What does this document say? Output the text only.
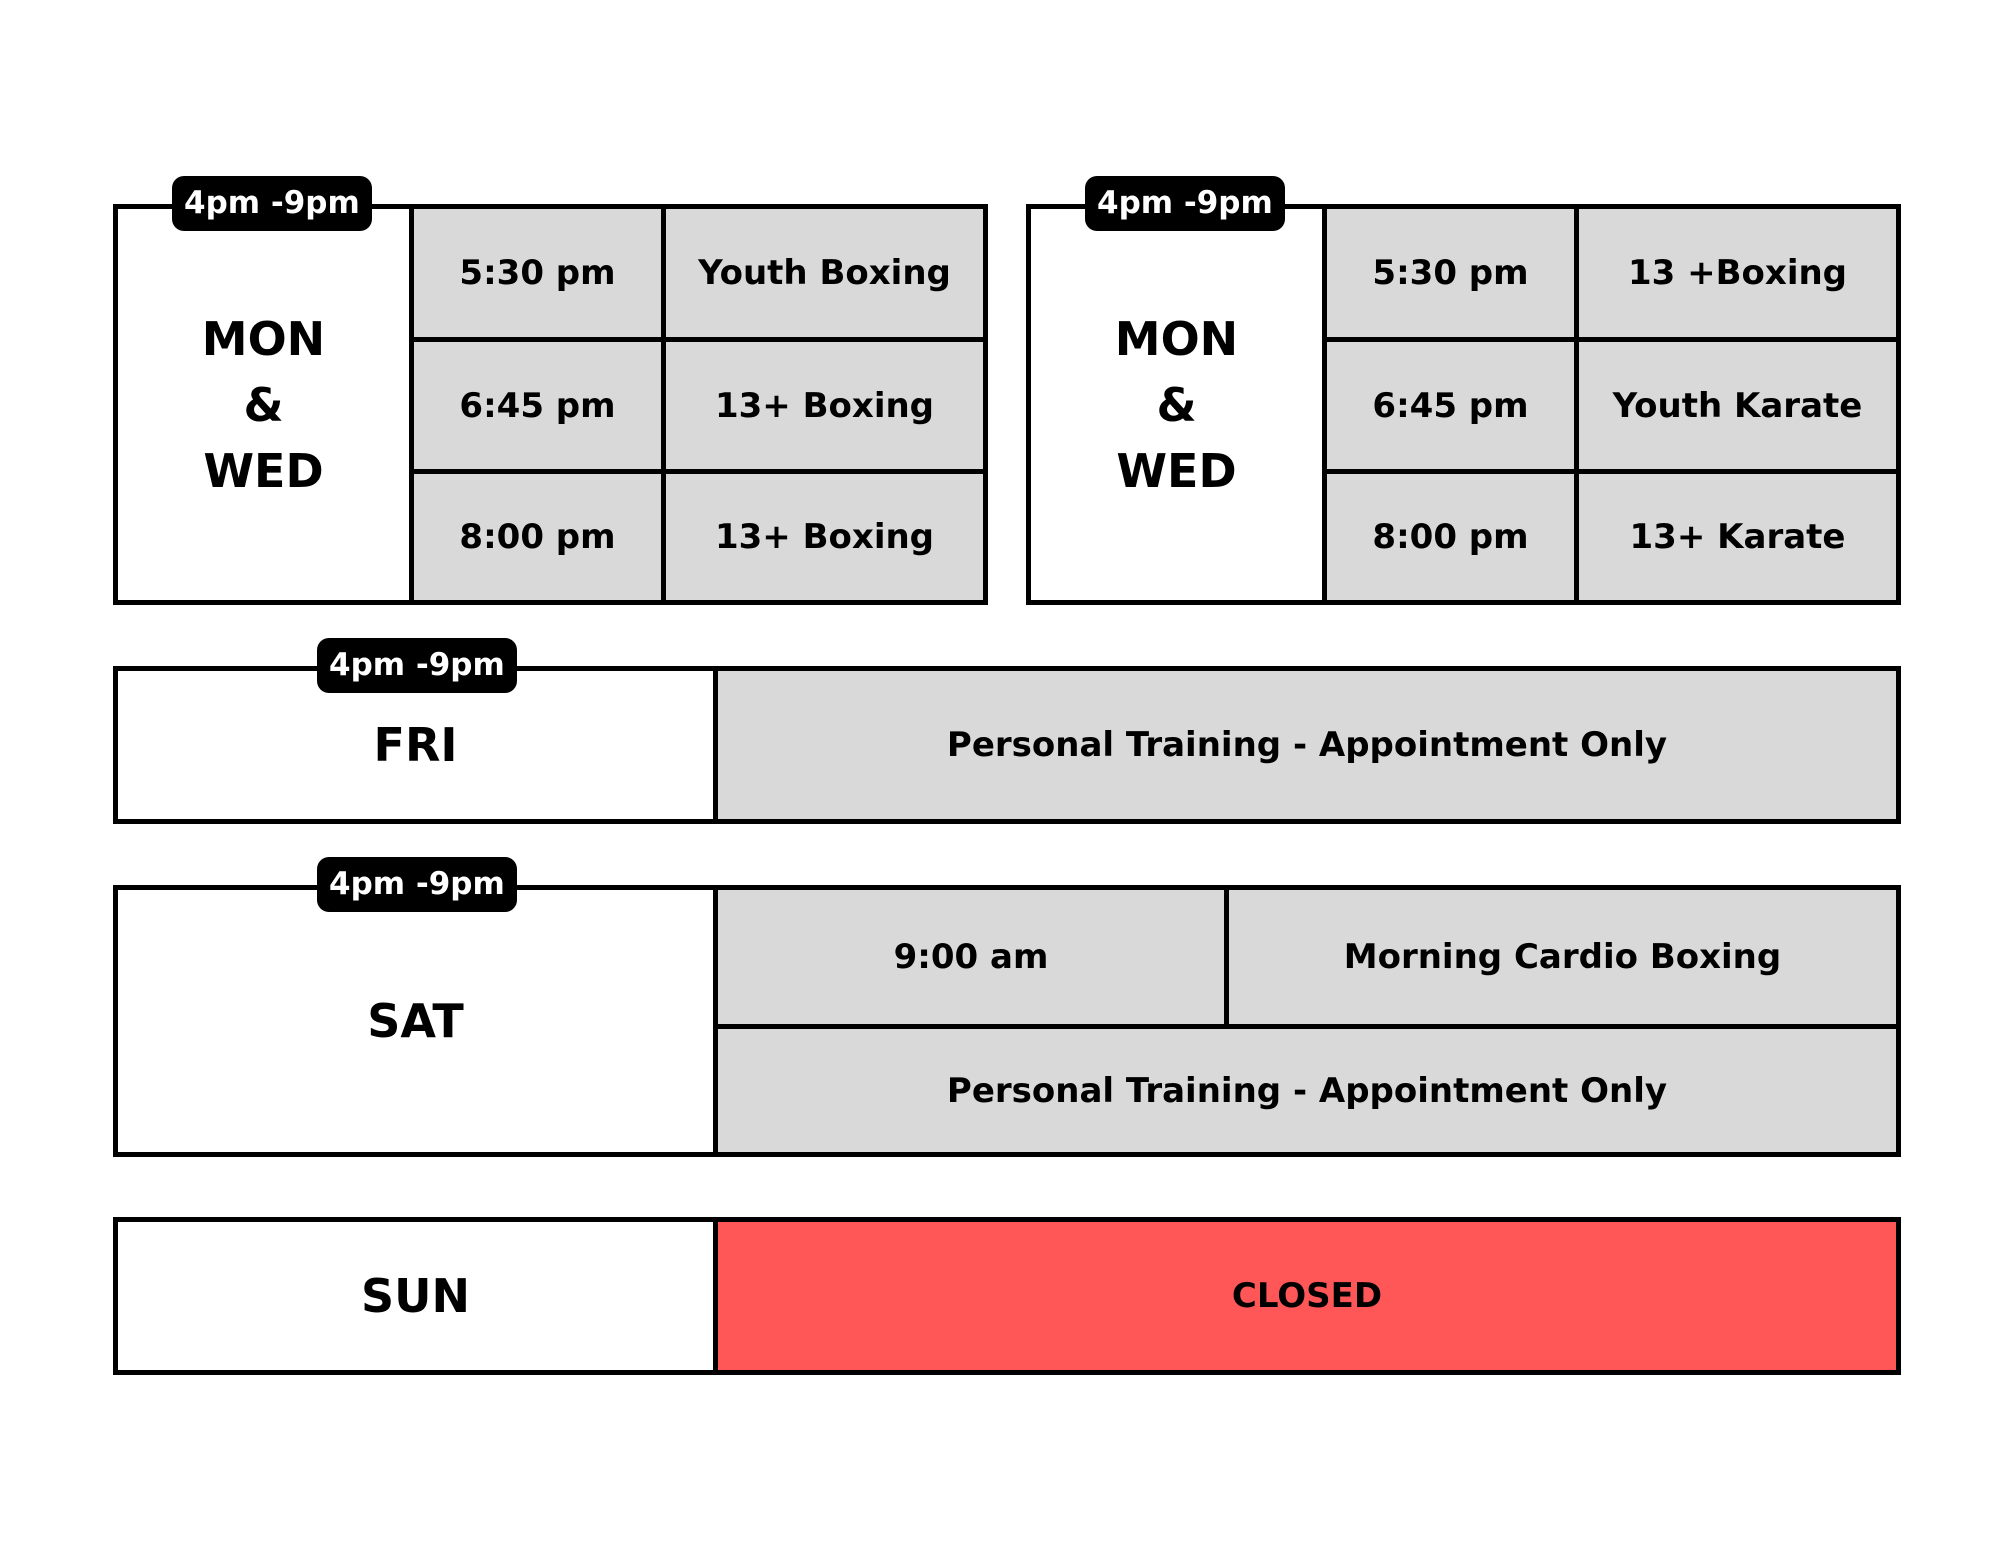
4pm -9pm
MON
&
WED
5:30 pm	Youth Boxing
6:45 pm	13+ Boxing
8:00 pm	13+ Boxing
4pm -9pm
MON
&
WED
5:30 pm	13 +Boxing
6:45 pm	Youth Karate
8:00 pm	13+ Karate
4pm -9pm
FRI	Personal Training - Appointment Only
4pm -9pm
SAT
9:00 am	Morning Cardio Boxing
Personal Training - Appointment Only
SUN	CLOSED
